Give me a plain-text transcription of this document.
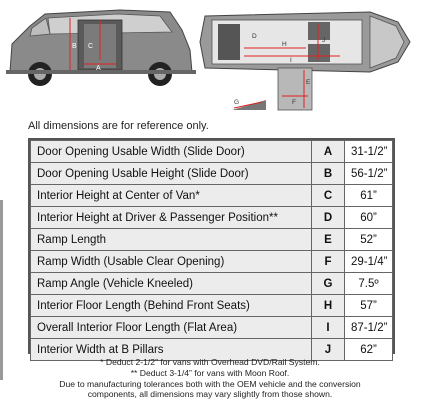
B C
A
H
I
J
D
F
E
G
All dimensions are for reference only.
Door Opening Usable Width (Slide Door)	A	31-1/2”
Door Opening Usable Height (Slide Door)	B	56-1/2”
Interior Height at Center of Van*	C	61”
Interior Height at Driver & Passenger Position**	D	60”
Ramp Length	E	52”
Ramp Width (Usable Clear Opening)	F	29-1/4”
Ramp Angle (Vehicle Kneeled)	G	7.5º
Interior Floor Length (Behind Front Seats)	H	57”
Overall Interior Floor Length (Flat Area)	I	87-1/2”
Interior Width at B Pillars	J	62”
* Deduct 2-1/2” for vans with Overhead DVD/Rail System.
** Deduct 3-1/4” for vans with Moon Roof.
Due to manufacturing tolerances both with the OEM vehicle and the conversion
components, all dimensions may vary slightly from those shown.
